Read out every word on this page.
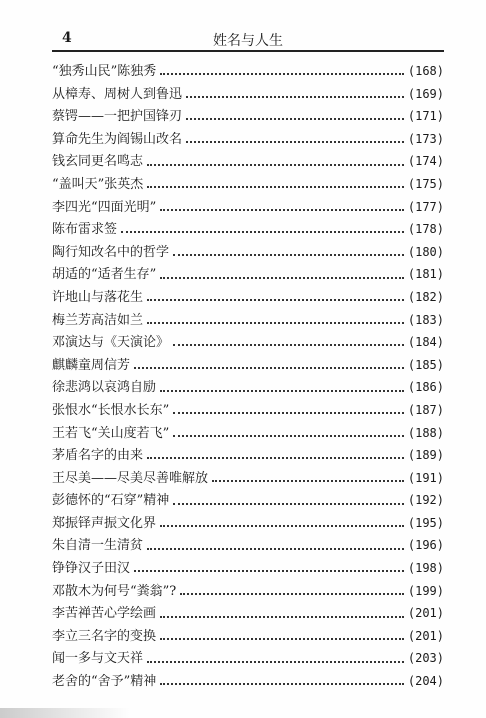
4	姓名与人生
“独秀山民”陈独秀	(168)
从樟寿、周树人到鲁迅	(169)
蔡锷——一把护国锋刃	(171)
算命先生为阎锡山改名	(173)
钱玄同更名鸣志	(174)
“盖叫天”张英杰	(175)
李四光“四面光明”	(177)
陈布雷求签	(178)
陶行知改名中的哲学	(180)
胡适的“适者生存”	(181)
许地山与落花生	(182)
梅兰芳高洁如兰	(183)
邓演达与《天演论》	(184)
麒麟童周信芳	(185)
徐悲鸿以哀鸿自励	(186)
张恨水“长恨水长东”	(187)
王若飞“关山度若飞”	(188)
茅盾名字的由来	(189)
王尽美——尽美尽善唯解放	(191)
彭德怀的“石穿”精神	(192)
郑振铎声振文化界	(195)
朱自清一生清贫	(196)
铮铮汉子田汉	(198)
邓散木为何号“粪翁”?	(199)
李苦禅苦心学绘画	(201)
李立三名字的变换	(201)
闻一多与文天祥	(203)
老舍的“舍予”精神	(204)
